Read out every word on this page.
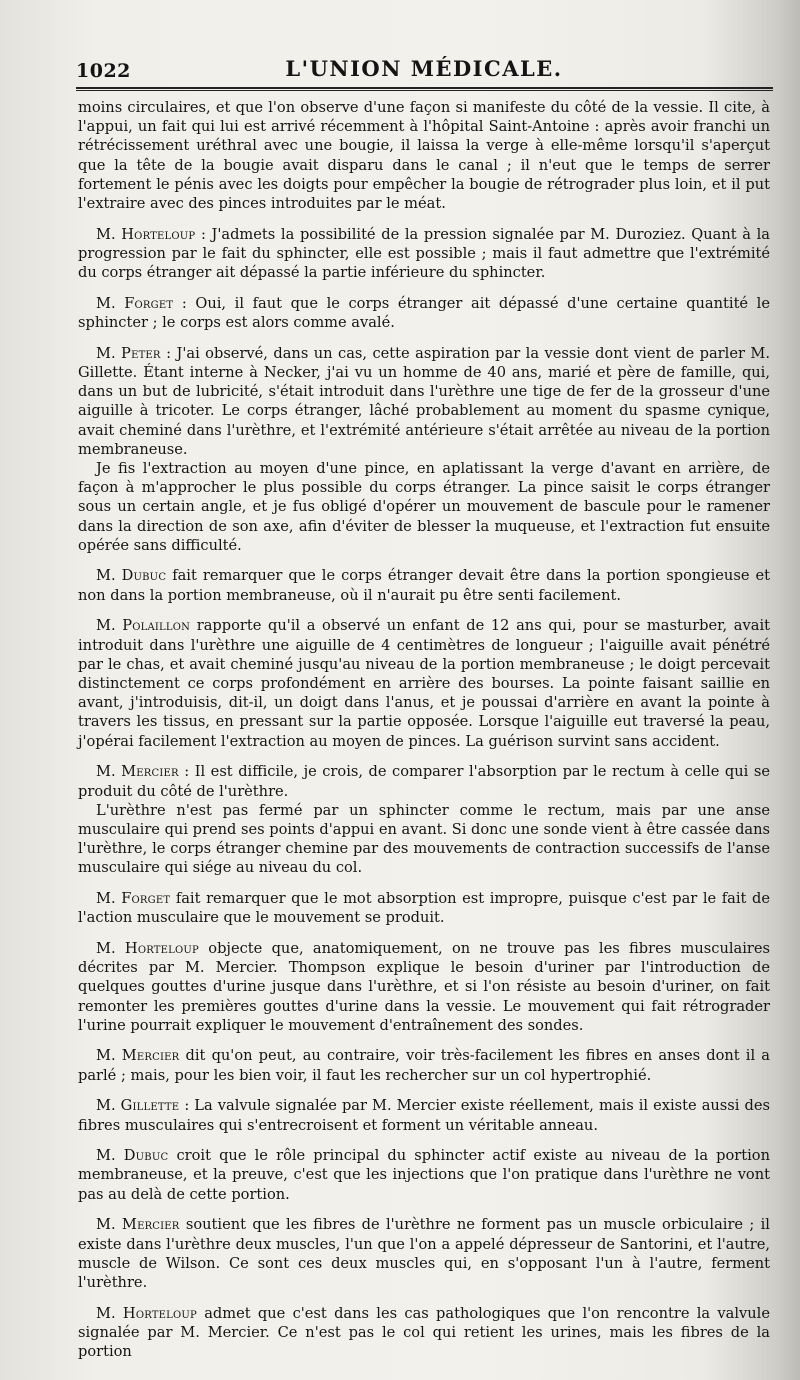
1022	L'UNION MÉDICALE.

moins circulaires, et que l'on observe d'une façon si manifeste du côté de la vessie. Il cite, à l'appui, un fait qui lui est arrivé récemment à l'hôpital Saint-Antoine : après avoir franchi un rétrécissement uréthral avec une bougie, il laissa la verge à elle-même lorsqu'il s'aperçut que la tête de la bougie avait disparu dans le canal ; il n'eut que le temps de serrer fortement le pénis avec les doigts pour empêcher la bougie de rétrograder plus loin, et il put l'extraire avec des pinces introduites par le méat.

M. Horteloup : J'admets la possibilité de la pression signalée par M. Duroziez. Quant à la progression par le fait du sphincter, elle est possible ; mais il faut admettre que l'extrémité du corps étranger ait dépassé la partie inférieure du sphincter.

M. Forget : Oui, il faut que le corps étranger ait dépassé d'une certaine quantité le sphincter ; le corps est alors comme avalé.

M. Peter : J'ai observé, dans un cas, cette aspiration par la vessie dont vient de parler M. Gillette. Étant interne à Necker, j'ai vu un homme de 40 ans, marié et père de famille, qui, dans un but de lubricité, s'était introduit dans l'urèthre une tige de fer de la grosseur d'une aiguille à tricoter. Le corps étranger, lâché probablement au moment du spasme cynique, avait cheminé dans l'urèthre, et l'extrémité antérieure s'était arrêtée au niveau de la portion membraneuse.

Je fis l'extraction au moyen d'une pince, en aplatissant la verge d'avant en arrière, de façon à m'approcher le plus possible du corps étranger. La pince saisit le corps étranger sous un certain angle, et je fus obligé d'opérer un mouvement de bascule pour le ramener dans la direction de son axe, afin d'éviter de blesser la muqueuse, et l'extraction fut ensuite opérée sans difficulté.

M. Dubuc fait remarquer que le corps étranger devait être dans la portion spongieuse et non dans la portion membraneuse, où il n'aurait pu être senti facilement.

M. Polaillon rapporte qu'il a observé un enfant de 12 ans qui, pour se masturber, avait introduit dans l'urèthre une aiguille de 4 centimètres de longueur ; l'aiguille avait pénétré par le chas, et avait cheminé jusqu'au niveau de la portion membraneuse ; le doigt percevait distinctement ce corps profondément en arrière des bourses. La pointe faisant saillie en avant, j'introduisis, dit-il, un doigt dans l'anus, et je poussai d'arrière en avant la pointe à travers les tissus, en pressant sur la partie opposée. Lorsque l'aiguille eut traversé la peau, j'opérai facilement l'extraction au moyen de pinces. La guérison survint sans accident.

M. Mercier : Il est difficile, je crois, de comparer l'absorption par le rectum à celle qui se produit du côté de l'urèthre.

L'urèthre n'est pas fermé par un sphincter comme le rectum, mais par une anse musculaire qui prend ses points d'appui en avant. Si donc une sonde vient à être cassée dans l'urèthre, le corps étranger chemine par des mouvements de contraction successifs de l'anse musculaire qui siége au niveau du col.

M. Forget fait remarquer que le mot absorption est impropre, puisque c'est par le fait de l'action musculaire que le mouvement se produit.

M. Horteloup objecte que, anatomiquement, on ne trouve pas les fibres musculaires décrites par M. Mercier. Thompson explique le besoin d'uriner par l'introduction de quelques gouttes d'urine jusque dans l'urèthre, et si l'on résiste au besoin d'uriner, on fait remonter les premières gouttes d'urine dans la vessie. Le mouvement qui fait rétrograder l'urine pourrait expliquer le mouvement d'entraînement des sondes.

M. Mercier dit qu'on peut, au contraire, voir très-facilement les fibres en anses dont il a parlé ; mais, pour les bien voir, il faut les rechercher sur un col hypertrophié.

M. Gillette : La valvule signalée par M. Mercier existe réellement, mais il existe aussi des fibres musculaires qui s'entrecroisent et forment un véritable anneau.

M. Dubuc croit que le rôle principal du sphincter actif existe au niveau de la portion membraneuse, et la preuve, c'est que les injections que l'on pratique dans l'urèthre ne vont pas au delà de cette portion.

M. Mercier soutient que les fibres de l'urèthre ne forment pas un muscle orbiculaire ; il existe dans l'urèthre deux muscles, l'un que l'on a appelé dépresseur de Santorini, et l'autre, muscle de Wilson. Ce sont ces deux muscles qui, en s'opposant l'un à l'autre, ferment l'urèthre.

M. Horteloup admet que c'est dans les cas pathologiques que l'on rencontre la valvule signalée par M. Mercier. Ce n'est pas le col qui retient les urines, mais les fibres de la portion
